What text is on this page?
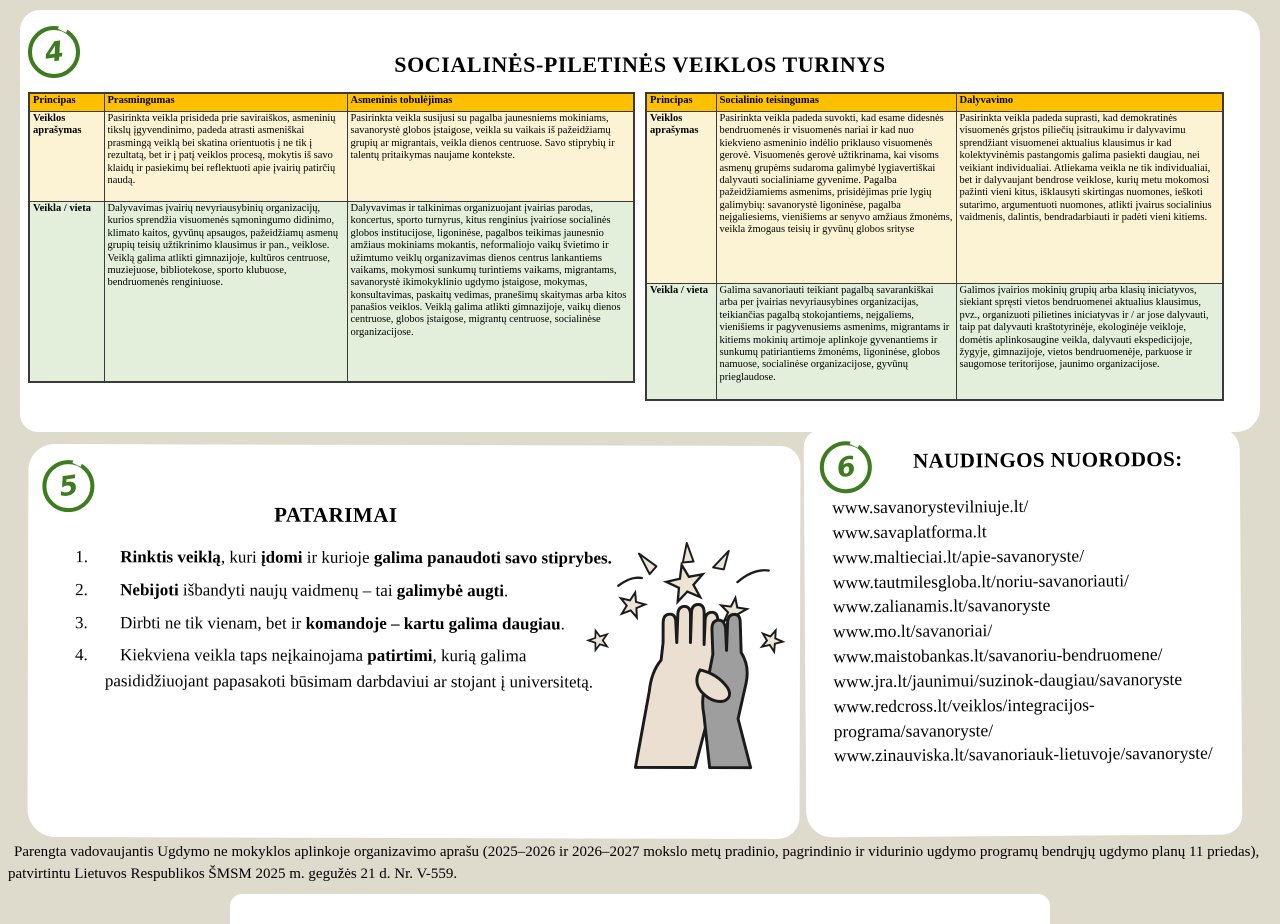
4	SOCIALINĖS-PILETINĖS VEIKLOS TURINYS
Principas	Prasmingumas	Asmeninis tobulėjimas
Veiklos aprašymas	Pasirinkta veikla prisideda prie saviraiškos, asmeninių tikslų įgyvendinimo, padeda atrasti asmeniškai prasmingą veiklą bei skatina orientuotis į ne tik į rezultatą, bet ir į patį veiklos procesą, mokytis iš savo klaidų ir pasiekimų bei reflektuoti apie įvairių patirčių naudą.	Pasirinkta veikla susijusi su pagalba jaunesniems mokiniams, savanorystė globos įstaigose, veikla su vaikais iš pažeidžiamų grupių ar migrantais, veikla dienos centruose. Savo stiprybių ir talentų pritaikymas naujame kontekste.
Veikla / vieta	Dalyvavimas įvairių nevyriausybinių organizacijų, kurios sprendžia visuomenės sąmoningumo didinimo, klimato kaitos, gyvūnų apsaugos, pažeidžiamų asmenų grupių teisių užtikrinimo klausimus ir pan., veiklose. Veiklą galima atlikti gimnazijoje, kultūros centruose, muziejuose, bibliotekose, sporto klubuose, bendruomenės renginiuose.	Dalyvavimas ir talkinimas organizuojant įvairias parodas, koncertus, sporto turnyrus, kitus renginius įvairiose socialinės globos institucijose, ligoninėse, pagalbos teikimas jaunesnio amžiaus mokiniams mokantis, neformaliojo vaikų švietimo ir užimtumo veiklų organizavimas dienos centrus lankantiems vaikams, mokymosi sunkumų turintiems vaikams, migrantams, savanorystė ikimokyklinio ugdymo įstaigose, mokymas, konsultavimas, paskaitų vedimas, pranešimų skaitymas arba kitos panašios veiklos. Veiklą galima atlikti gimnazijoje, vaikų dienos centruose, globos įstaigose, migrantų centruose, socialinėse organizacijose.
Principas	Socialinio teisingumas	Dalyvavimo
Veiklos aprašymas	Pasirinkta veikla padeda suvokti, kad esame didesnės bendruomenės ir visuomenės nariai ir kad nuo kiekvieno asmeninio indėlio priklauso visuomenės gerovė. Visuomenės gerovė užtikrinama, kai visoms asmenų grupėms sudaroma galimybė lygiavertiškai dalyvauti socialiniame gyvenime. Pagalba pažeidžiamiems asmenims, prisidėjimas prie lygių galimybių: savanorystė ligoninėse, pagalba neįgaliesiems, vienišiems ar senyvo amžiaus žmonėms, veikla žmogaus teisių ir gyvūnų globos srityse	Pasirinkta veikla padeda suprasti, kad demokratinės visuomenės grįstos piliečių įsitraukimu ir dalyvavimu sprendžiant visuomenei aktualius klausimus ir kad kolektyvinėmis pastangomis galima pasiekti daugiau, nei veikiant individualiai. Atliekama veikla ne tik individualiai, bet ir dalyvaujant bendrose veiklose, kurių metu mokomosi pažinti vieni kitus, išklausyti skirtingas nuomones, ieškoti sutarimo, argumentuoti nuomones, atlikti įvairus socialinius vaidmenis, dalintis, bendradarbiauti ir padėti vieni kitiems.
Veikla / vieta	Galima savanoriauti teikiant pagalbą savarankiškai arba per įvairias nevyriausybines organizacijas, teikiančias pagalbą stokojantiems, neįgaliems, vienišiems ir pagyvenusiems asmenims, migrantams ir kitiems mokinių artimoje aplinkoje gyvenantiems ir sunkumų patiriantiems žmonėms, ligoninėse, globos namuose, socialinėse organizacijose, gyvūnų prieglaudose.	Galimos įvairios mokinių grupių arba klasių iniciatyvos, siekiant spręsti vietos bendruomenei aktualius klausimus, pvz., organizuoti pilietines iniciatyvas ir / ar jose dalyvauti, taip pat dalyvauti kraštotyrinėje, ekologinėje veikloje, domėtis aplinkosaugine veikla, dalyvauti ekspedicijoje, žygyje, gimnazijoje, vietos bendruomenėje, parkuose ir saugomose teritorijose, jaunimo organizacijose.
5
PATARIMAI
1. Rinktis veiklą, kuri įdomi ir kurioje galima panaudoti savo stiprybes.
2. Nebijoti išbandyti naujų vaidmenų – tai galimybė augti.
3. Dirbti ne tik vienam, bet ir komandoje – kartu galima daugiau.
4. Kiekviena veikla taps neįkainojama patirtimi, kurią galima pasididžiuojant papasakoti būsimam darbdaviui ar stojant į universitetą.
6	NAUDINGOS NUORODOS:
www.savanorystevilniuje.lt/
www.savaplatforma.lt
www.maltieciai.lt/apie-savanoryste/
www.tautmilesgloba.lt/noriu-savanoriauti/
www.zalianamis.lt/savanoryste
www.mo.lt/savanoriai/
www.maistobankas.lt/savanoriu-bendruomene/
www.jra.lt/jaunimui/suzinok-daugiau/savanoryste
www.redcross.lt/veiklos/integracijos-programa/savanoryste/
www.zinauviska.lt/savanoriauk-lietuvoje/savanoryste/

Parengta vadovaujantis Ugdymo ne mokyklos aplinkoje organizavimo aprašu (2025–2026 ir 2026–2027 mokslo metų pradinio, pagrindinio ir vidurinio ugdymo programų bendrųjų ugdymo planų 11 priedas), patvirtintu Lietuvos Respublikos ŠMSM 2025 m. gegužės 21 d. Nr. V-559.
